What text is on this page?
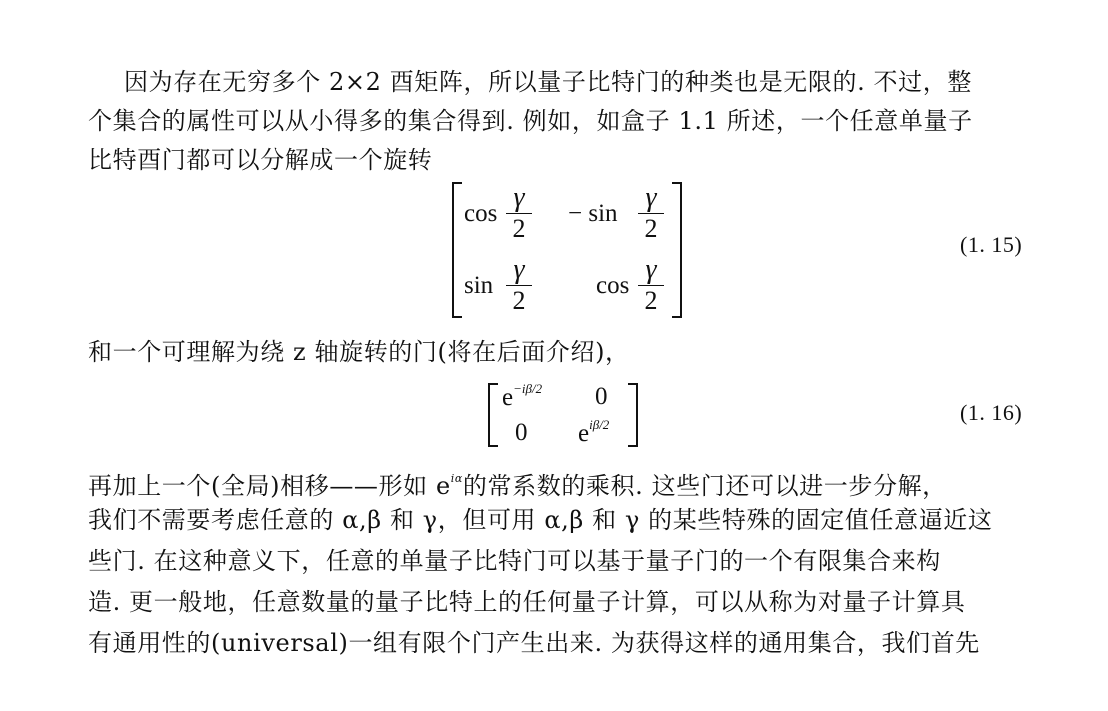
因为存在无穷多个 2×2 酉矩阵，所以量子比特门的种类也是无限的. 不过，整
个集合的属性可以从小得多的集合得到. 例如，如盒子 1.1 所述，一个任意单量子
比特酉门都可以分解成一个旋转
cos
γ
2
− sin
γ
2
sin
γ
2
cos
γ
2
(1. 15)
和一个可理解为绕 z 轴旋转的门(将在后面介绍)，
$e^{-i\beta/2}$ 0
0 $e^{i\beta/2}$	(1. 16)
再加上一个(全局)相移——形如 $e^{i\alpha}$的常系数的乘积. 这些门还可以进一步分解，
我们不需要考虑任意的 α,β 和 γ，但可用 α,β 和 γ 的某些特殊的固定值任意逼近这
些门. 在这种意义下，任意的单量子比特门可以基于量子门的一个有限集合来构
造. 更一般地，任意数量的量子比特上的任何量子计算，可以从称为对量子计算具
有通用性的(universal)一组有限个门产生出来. 为获得这样的通用集合，我们首先
